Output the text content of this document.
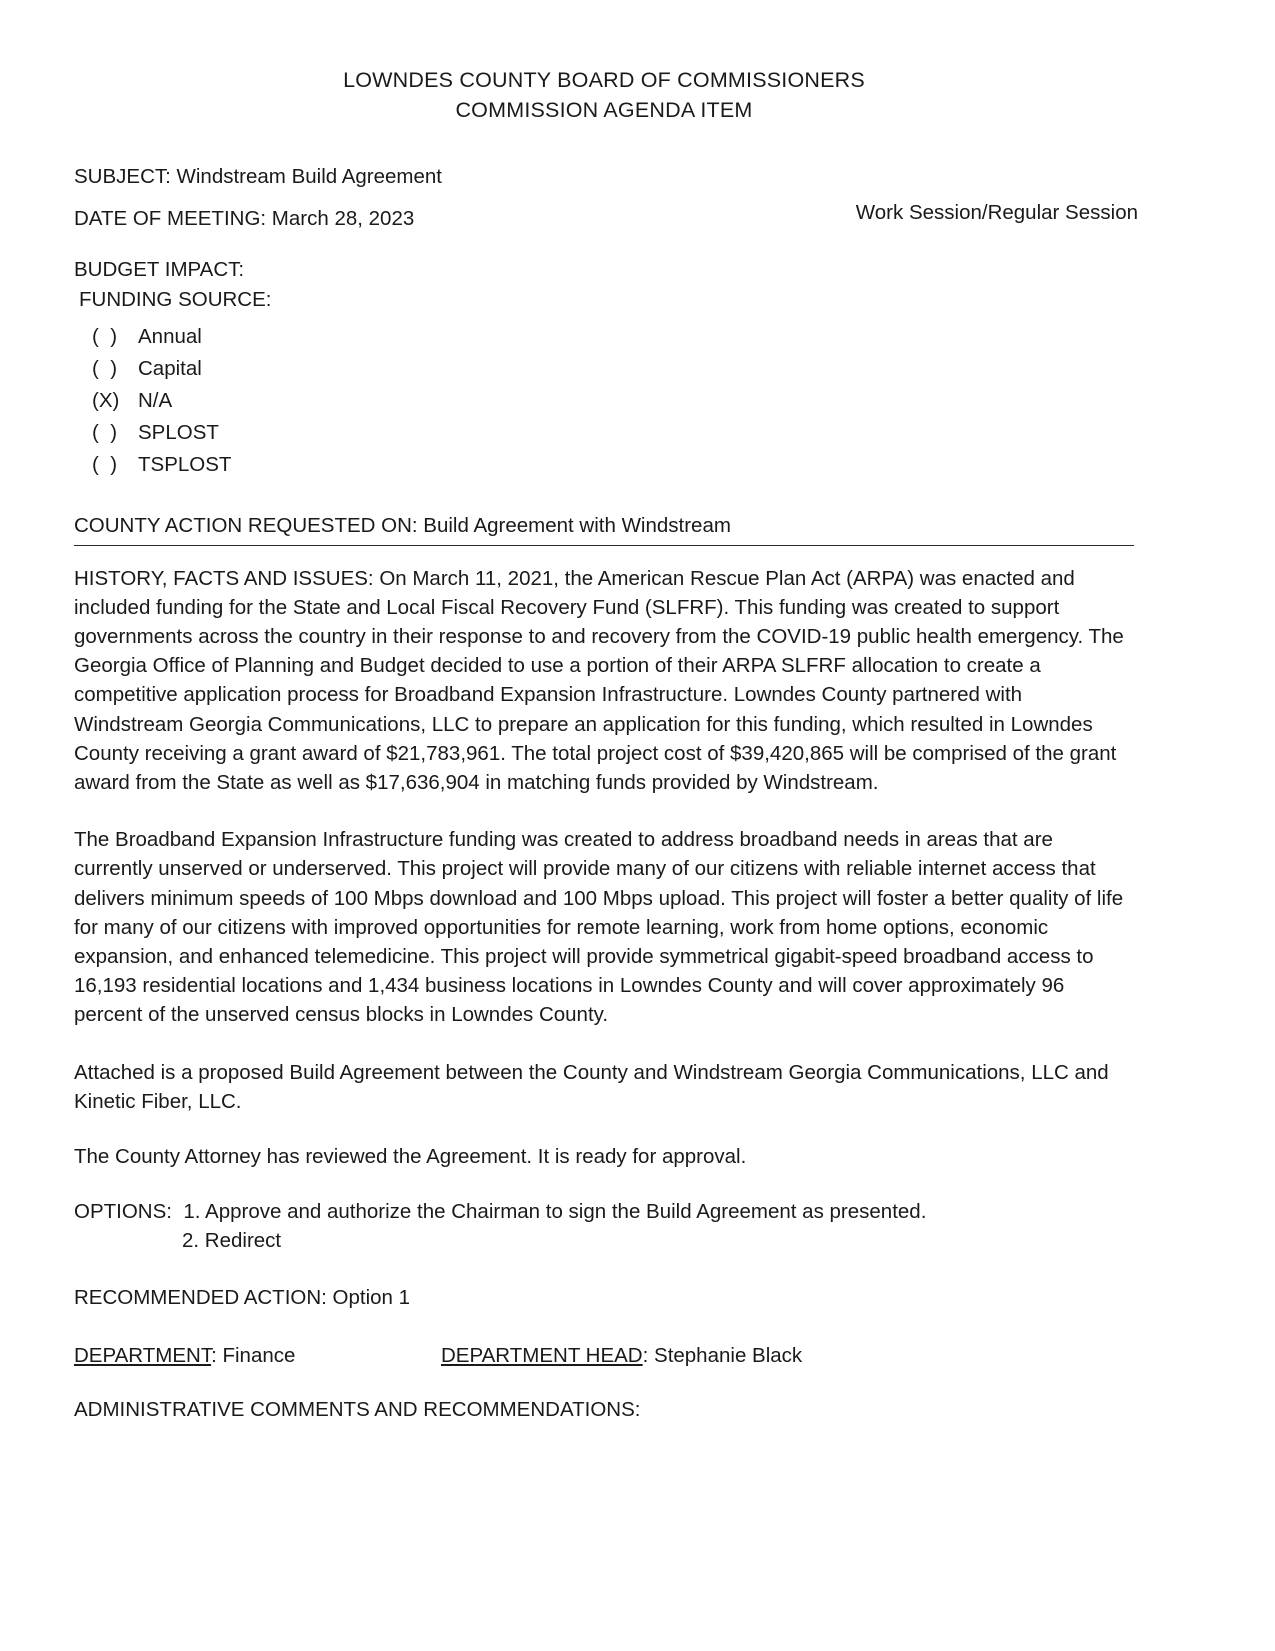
LOWNDES COUNTY BOARD OF COMMISSIONERS
COMMISSION AGENDA ITEM
SUBJECT: Windstream Build Agreement
DATE OF MEETING: March 28, 2023	Work Session/Regular Session
BUDGET IMPACT:
FUNDING SOURCE:
(  )	Annual
(  )	Capital
(X) N/A
(  )	SPLOST
(  )	TSPLOST
COUNTY ACTION REQUESTED ON: Build Agreement with Windstream

HISTORY, FACTS AND ISSUES: On March 11, 2021, the American Rescue Plan Act (ARPA) was enacted and included funding for the State and Local Fiscal Recovery Fund (SLFRF). This funding was created to support governments across the country in their response to and recovery from the COVID-19 public health emergency. The Georgia Office of Planning and Budget decided to use a portion of their ARPA SLFRF allocation to create a competitive application process for Broadband Expansion Infrastructure. Lowndes County partnered with Windstream Georgia Communications, LLC to prepare an application for this funding, which resulted in Lowndes County receiving a grant award of $21,783,961. The total project cost of $39,420,865 will be comprised of the grant award from the State as well as $17,636,904 in matching funds provided by Windstream.

The Broadband Expansion Infrastructure funding was created to address broadband needs in areas that are currently unserved or underserved. This project will provide many of our citizens with reliable internet access that delivers minimum speeds of 100 Mbps download and 100 Mbps upload. This project will foster a better quality of life for many of our citizens with improved opportunities for remote learning, work from home options, economic expansion, and enhanced telemedicine. This project will provide symmetrical gigabit-speed broadband access to 16,193 residential locations and 1,434 business locations in Lowndes County and will cover approximately 96 percent of the unserved census blocks in Lowndes County.

Attached is a proposed Build Agreement between the County and Windstream Georgia Communications, LLC and Kinetic Fiber, LLC.

The County Attorney has reviewed the Agreement. It is ready for approval.

OPTIONS:
1. Approve and authorize the Chairman to sign the Build Agreement as presented.
2. Redirect
RECOMMENDED ACTION: Option 1
DEPARTMENT: Finance	DEPARTMENT HEAD: Stephanie Black
ADMINISTRATIVE COMMENTS AND RECOMMENDATIONS:
